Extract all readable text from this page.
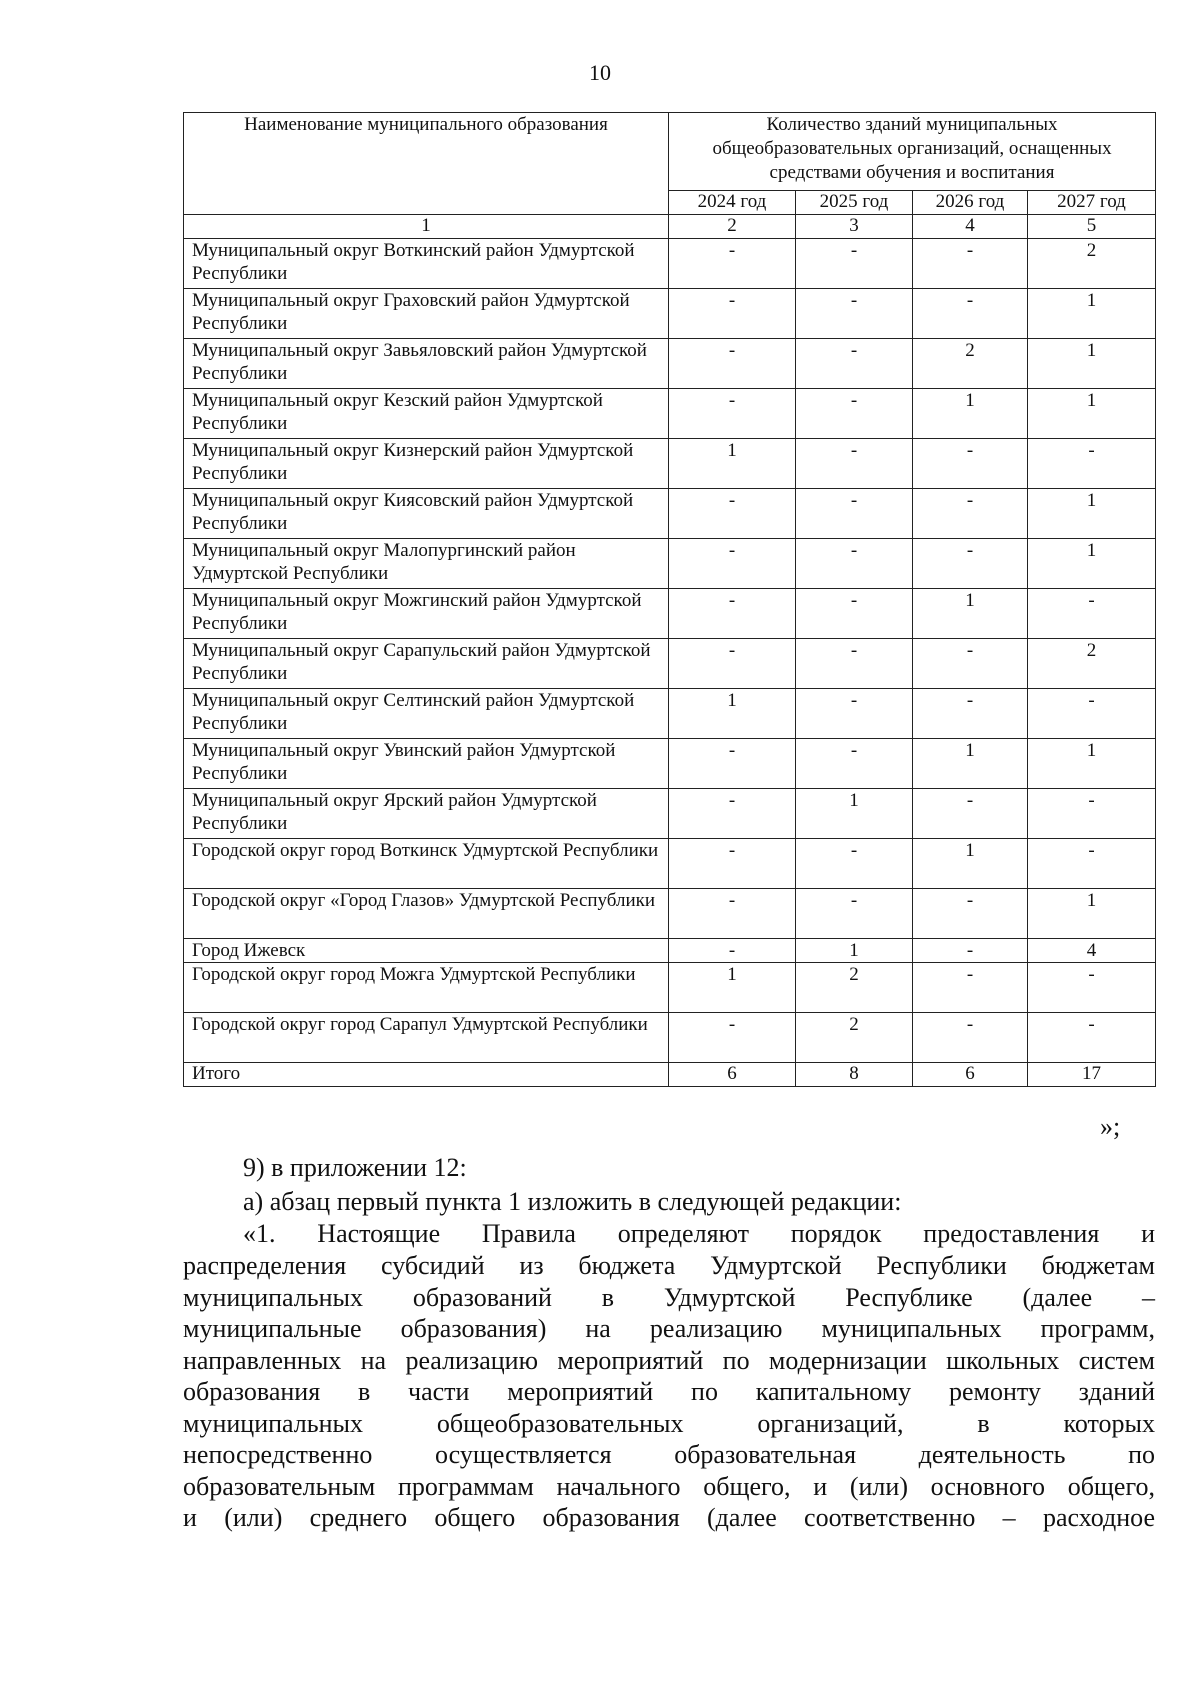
10
Наименование муниципального образования	Количество зданий муниципальных общеобразовательных организаций, оснащенных средствами обучения и воспитания			
	2024 год	2025 год	2026 год	2027 год
1	2	3	4	5
Муниципальный округ Воткинский район Удмуртской Республики	-	-	-	2
Муниципальный округ Граховский район Удмуртской Республики	-	-	-	1
Муниципальный округ Завьяловский район Удмуртской Республики	-	-	2	1
Муниципальный округ Кезский район Удмуртской Республики	-	-	1	1
Муниципальный округ Кизнерский район Удмуртской Республики	1	-	-	-
Муниципальный округ Киясовский район Удмуртской Республики	-	-	-	1
Муниципальный округ Малопургинский район Удмуртской Республики	-	-	-	1
Муниципальный округ Можгинский район Удмуртской Республики	-	-	1	-
Муниципальный округ Сарапульский район Удмуртской Республики	-	-	-	2
Муниципальный округ Селтинский район Удмуртской Республики	1	-	-	-
Муниципальный округ Увинский район Удмуртской Республики	-	-	1	1
Муниципальный округ Ярский район Удмуртской Республики	-	1	-	-
Городской округ город Воткинск Удмуртской Республики	-	-	1	-
Городской округ «Город Глазов» Удмуртской Республики	-	-	-	1
Город Ижевск	-	1	-	4
Городской округ город Можга Удмуртской Республики	1	2	-	-
Городской округ город Сарапул Удмуртской Республики	-	2	-	-
Итого	6	8	6	17
»;
9) в приложении 12:
а) абзац первый пункта 1 изложить в следующей редакции:
«1. Настоящие Правила определяют порядок предоставления и

распределения субсидий из бюджета Удмуртской Республики бюджетам

муниципальных образований в Удмуртской Республике (далее –

муниципальные образования) на реализацию муниципальных программ,

направленных на реализацию мероприятий по модернизации школьных систем

образования в части мероприятий по капитальному ремонту зданий

муниципальных общеобразовательных организаций, в которых

непосредственно осуществляется образовательная деятельность по

образовательным программам начального общего, и (или) основного общего,

и (или) среднего общего образования (далее соответственно – расходное
